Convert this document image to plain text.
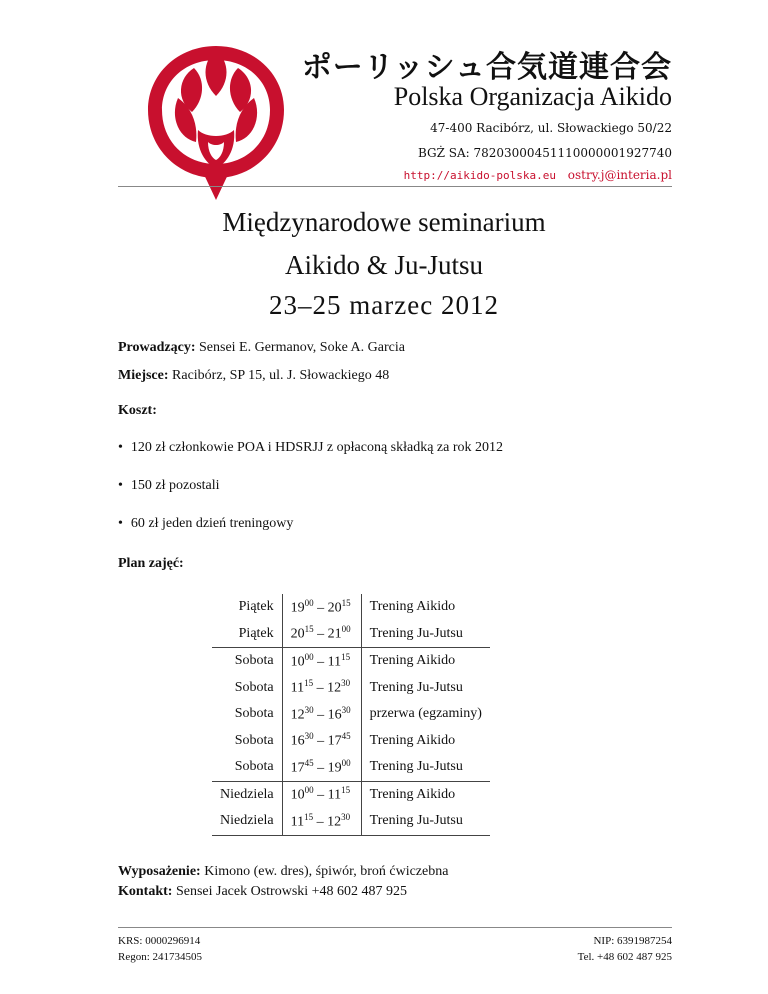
ポーリッシュ合気道連合会
Polska Organizacja Aikido
47-400 Racibórz, ul. Słowackiego 50/22
BGŻ SA: 78203000451110000001927740
http://aikido-polska.eu ostry.j@interia.pl
Międzynarodowe seminarium
Aikido & Ju-Jutsu
23–25 marzec 2012
Prowadzący: Sensei E. Germanov, Soke A. Garcia
Miejsce: Racibórz, SP 15, ul. J. Słowackiego 48
Koszt:
• 120 zł członkowie POA i HDSRJJ z opłaconą składką za rok 2012
• 150 zł pozostali
• 60 zł jeden dzień treningowy
Plan zajęć:
Piątek	$19^{00} - 20^{15}$	Trening Aikido
Piątek	$20^{15} - 21^{00}$	Trening Ju-Jutsu
Sobota	$10^{00} - 11^{15}$	Trening Aikido
Sobota	$11^{15} - 12^{30}$	Trening Ju-Jutsu
Sobota	$12^{30} - 16^{30}$	przerwa (egzaminy)
Sobota	$16^{30} - 17^{45}$	Trening Aikido
Sobota	$17^{45} - 19^{00}$	Trening Ju-Jutsu
Niedziela	$10^{00} - 11^{15}$	Trening Aikido
Niedziela	$11^{15} - 12^{30}$	Trening Ju-Jutsu
Wyposażenie: Kimono (ew. dres), śpiwór, broń ćwiczebna
Kontakt: Sensei Jacek Ostrowski +48 602 487 925
KRS: 0000296914
Regon: 241734505
NIP: 6391987254
Tel. +48 602 487 925
